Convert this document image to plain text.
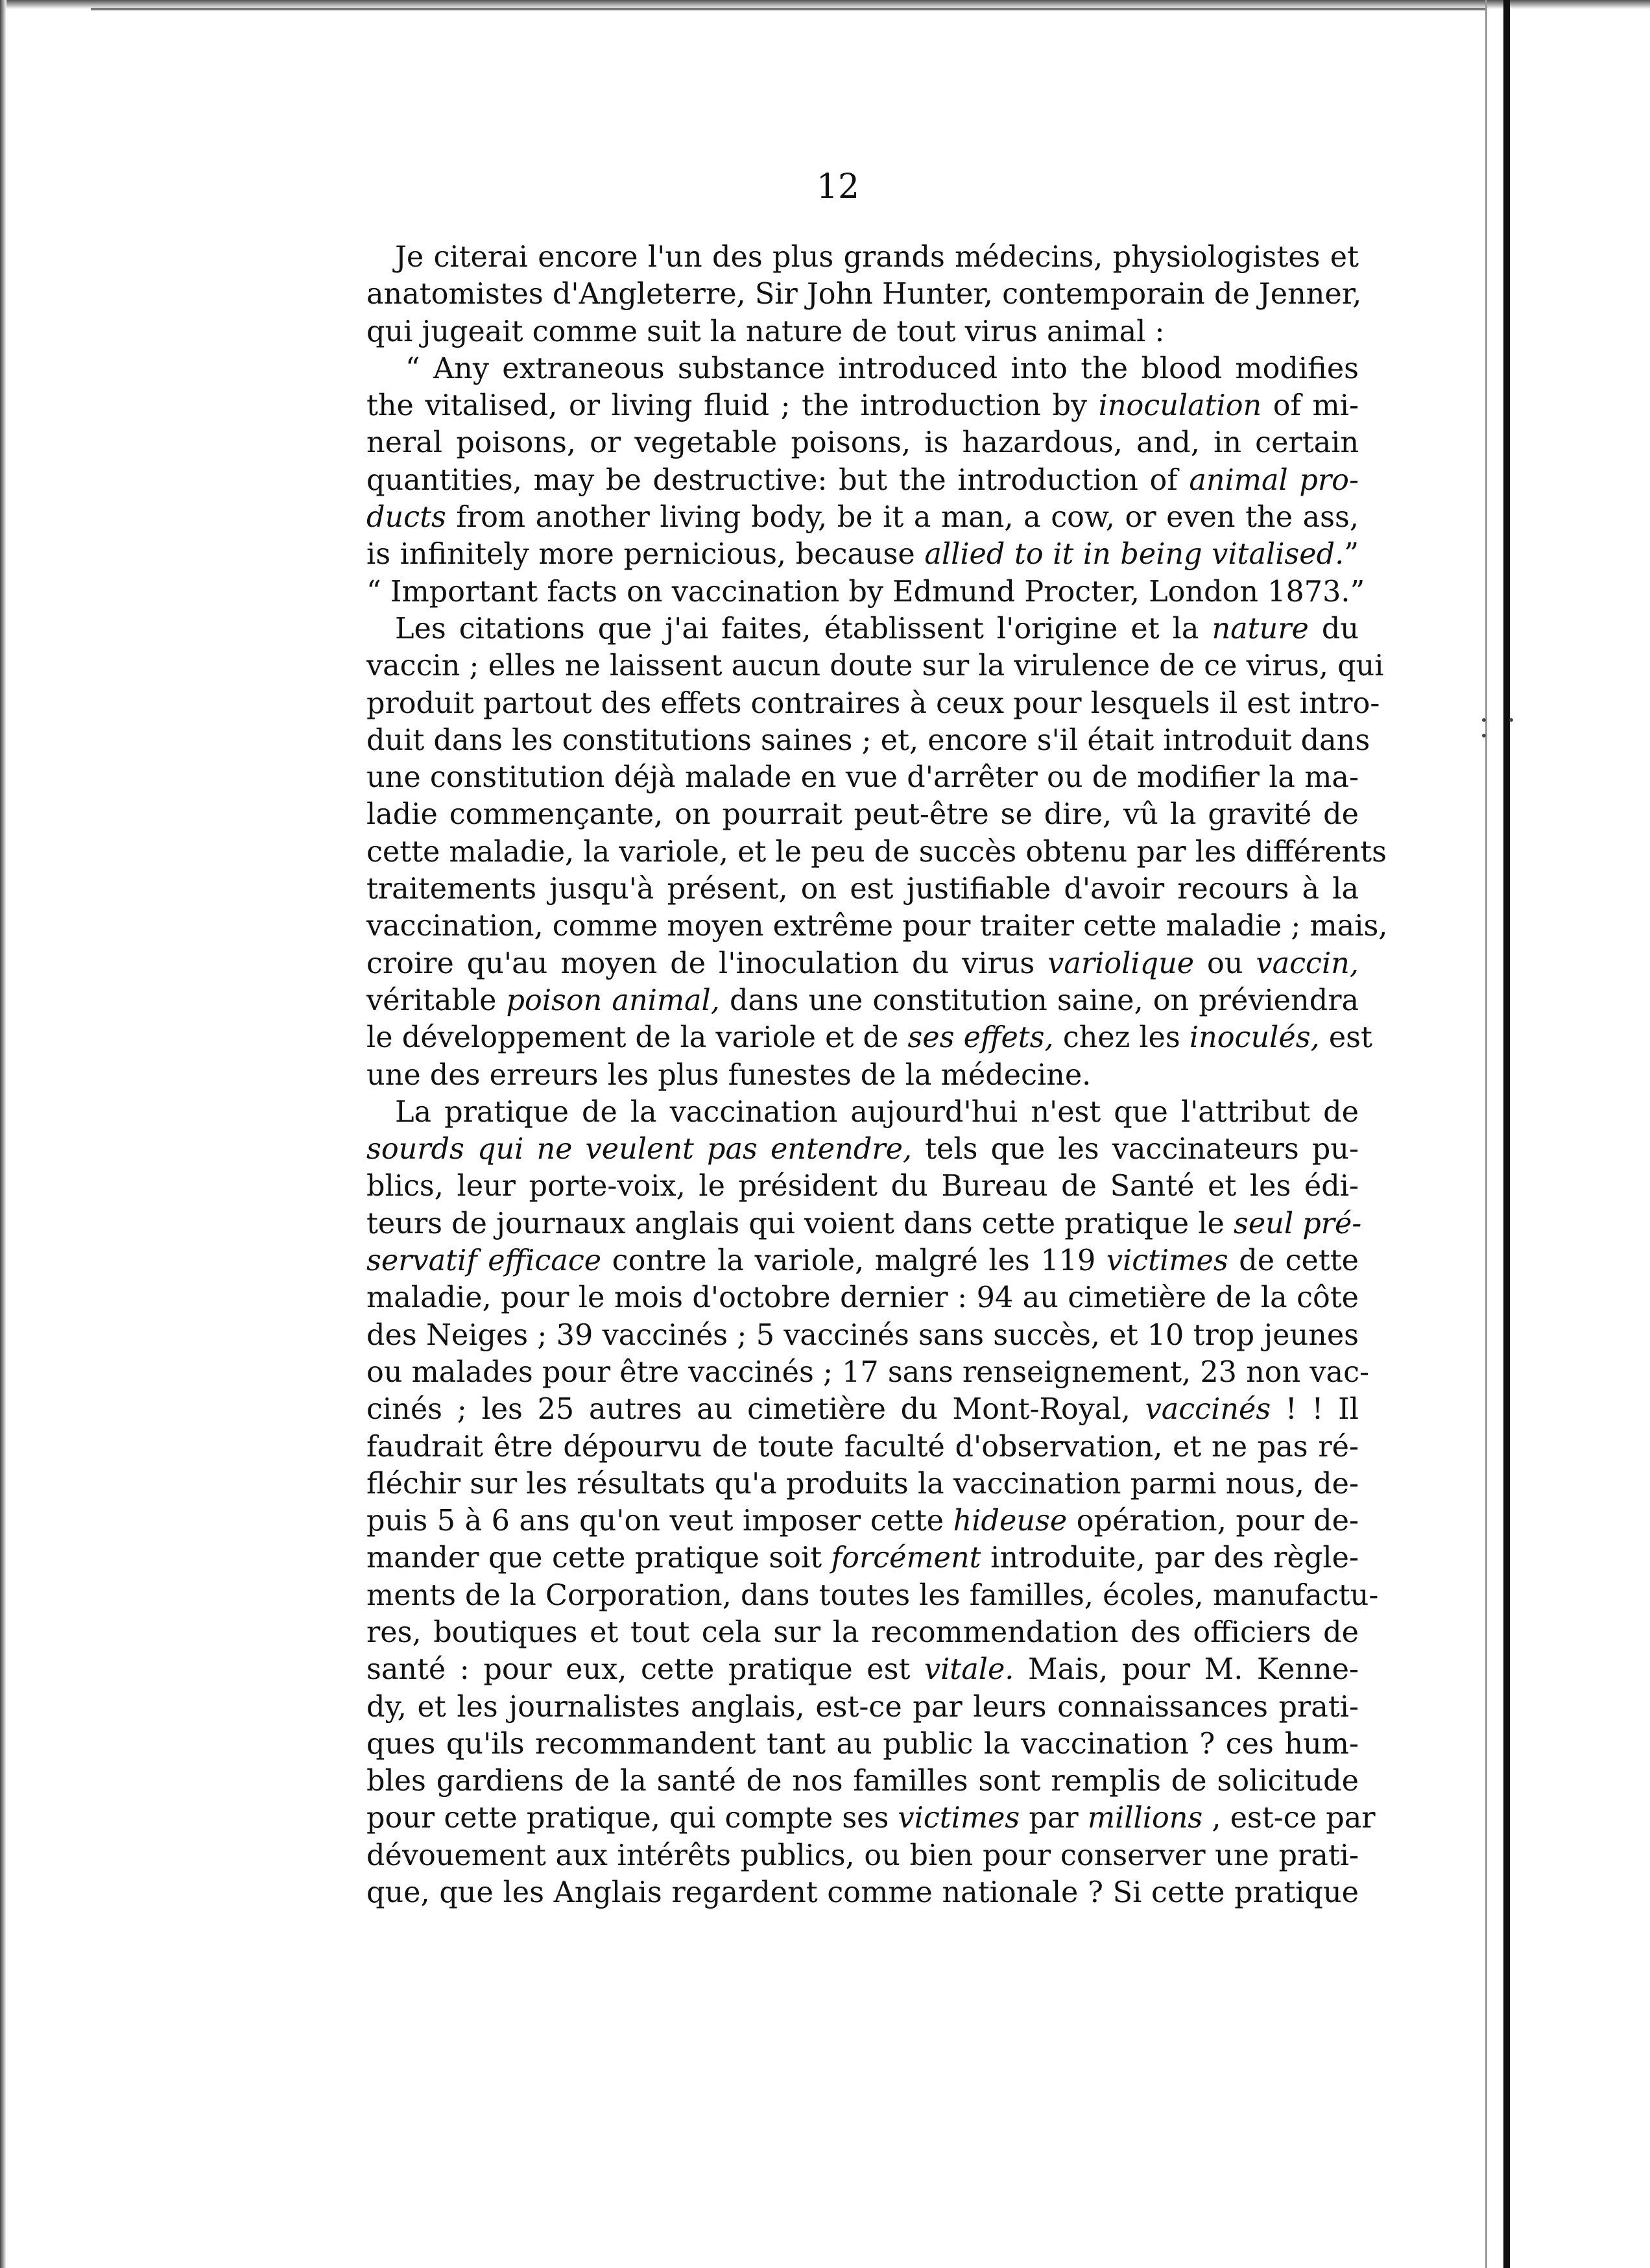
• • •
12
Je citerai encore l'un des plus grands médecins, physiologistes et
anatomistes d'Angleterre, Sir John Hunter, contemporain de Jenner,
qui jugeait comme suit la nature de tout virus animal :
“ Any extraneous substance introduced into the blood modifies
the vitalised, or living fluid ; the introduction by inoculation of mi-
neral poisons, or vegetable poisons, is hazardous, and, in certain
quantities, may be destructive: but the introduction of animal pro-
ducts from another living body, be it a man, a cow, or even the ass,
is infinitely more pernicious, because allied to it in being vitalised.”
“ Important facts on vaccination by Edmund Procter, London 1873.”
Les citations que j'ai faites, établissent l'origine et la nature du
vaccin ; elles ne laissent aucun doute sur la virulence de ce virus, qui
produit partout des effets contraires à ceux pour lesquels il est intro-
duit dans les constitutions saines ; et, encore s'il était introduit dans
une constitution déjà malade en vue d'arrêter ou de modifier la ma-
ladie commençante, on pourrait peut-être se dire, vû la gravité de
cette maladie, la variole, et le peu de succès obtenu par les différents
traitements jusqu'à présent, on est justifiable d'avoir recours à la
vaccination, comme moyen extrême pour traiter cette maladie ; mais,
croire qu'au moyen de l'inoculation du virus variolique ou vaccin,
véritable poison animal, dans une constitution saine, on préviendra
le développement de la variole et de ses effets, chez les inoculés, est
une des erreurs les plus funestes de la médecine.
La pratique de la vaccination aujourd'hui n'est que l'attribut de
sourds qui ne veulent pas entendre, tels que les vaccinateurs pu-
blics, leur porte-voix, le président du Bureau de Santé et les édi-
teurs de journaux anglais qui voient dans cette pratique le seul pré-
servatif efficace contre la variole, malgré les 119 victimes de cette
maladie, pour le mois d'octobre dernier : 94 au cimetière de la côte
des Neiges ; 39 vaccinés ; 5 vaccinés sans succès, et 10 trop jeunes
ou malades pour être vaccinés ; 17 sans renseignement, 23 non vac-
cinés ; les 25 autres au cimetière du Mont-Royal, vaccinés ! ! Il
faudrait être dépourvu de toute faculté d'observation, et ne pas ré-
fléchir sur les résultats qu'a produits la vaccination parmi nous, de-
puis 5 à 6 ans qu'on veut imposer cette hideuse opération, pour de-
mander que cette pratique soit forcément introduite, par des règle-
ments de la Corporation, dans toutes les familles, écoles, manufactu-
res, boutiques et tout cela sur la recommendation des officiers de
santé : pour eux, cette pratique est vitale. Mais, pour M. Kenne-
dy, et les journalistes anglais, est-ce par leurs connaissances prati-
ques qu'ils recommandent tant au public la vaccination ? ces hum-
bles gardiens de la santé de nos familles sont remplis de solicitude
pour cette pratique, qui compte ses victimes par millions , est-ce par
dévouement aux intérêts publics, ou bien pour conserver une prati-
que, que les Anglais regardent comme nationale ? Si cette pratique
